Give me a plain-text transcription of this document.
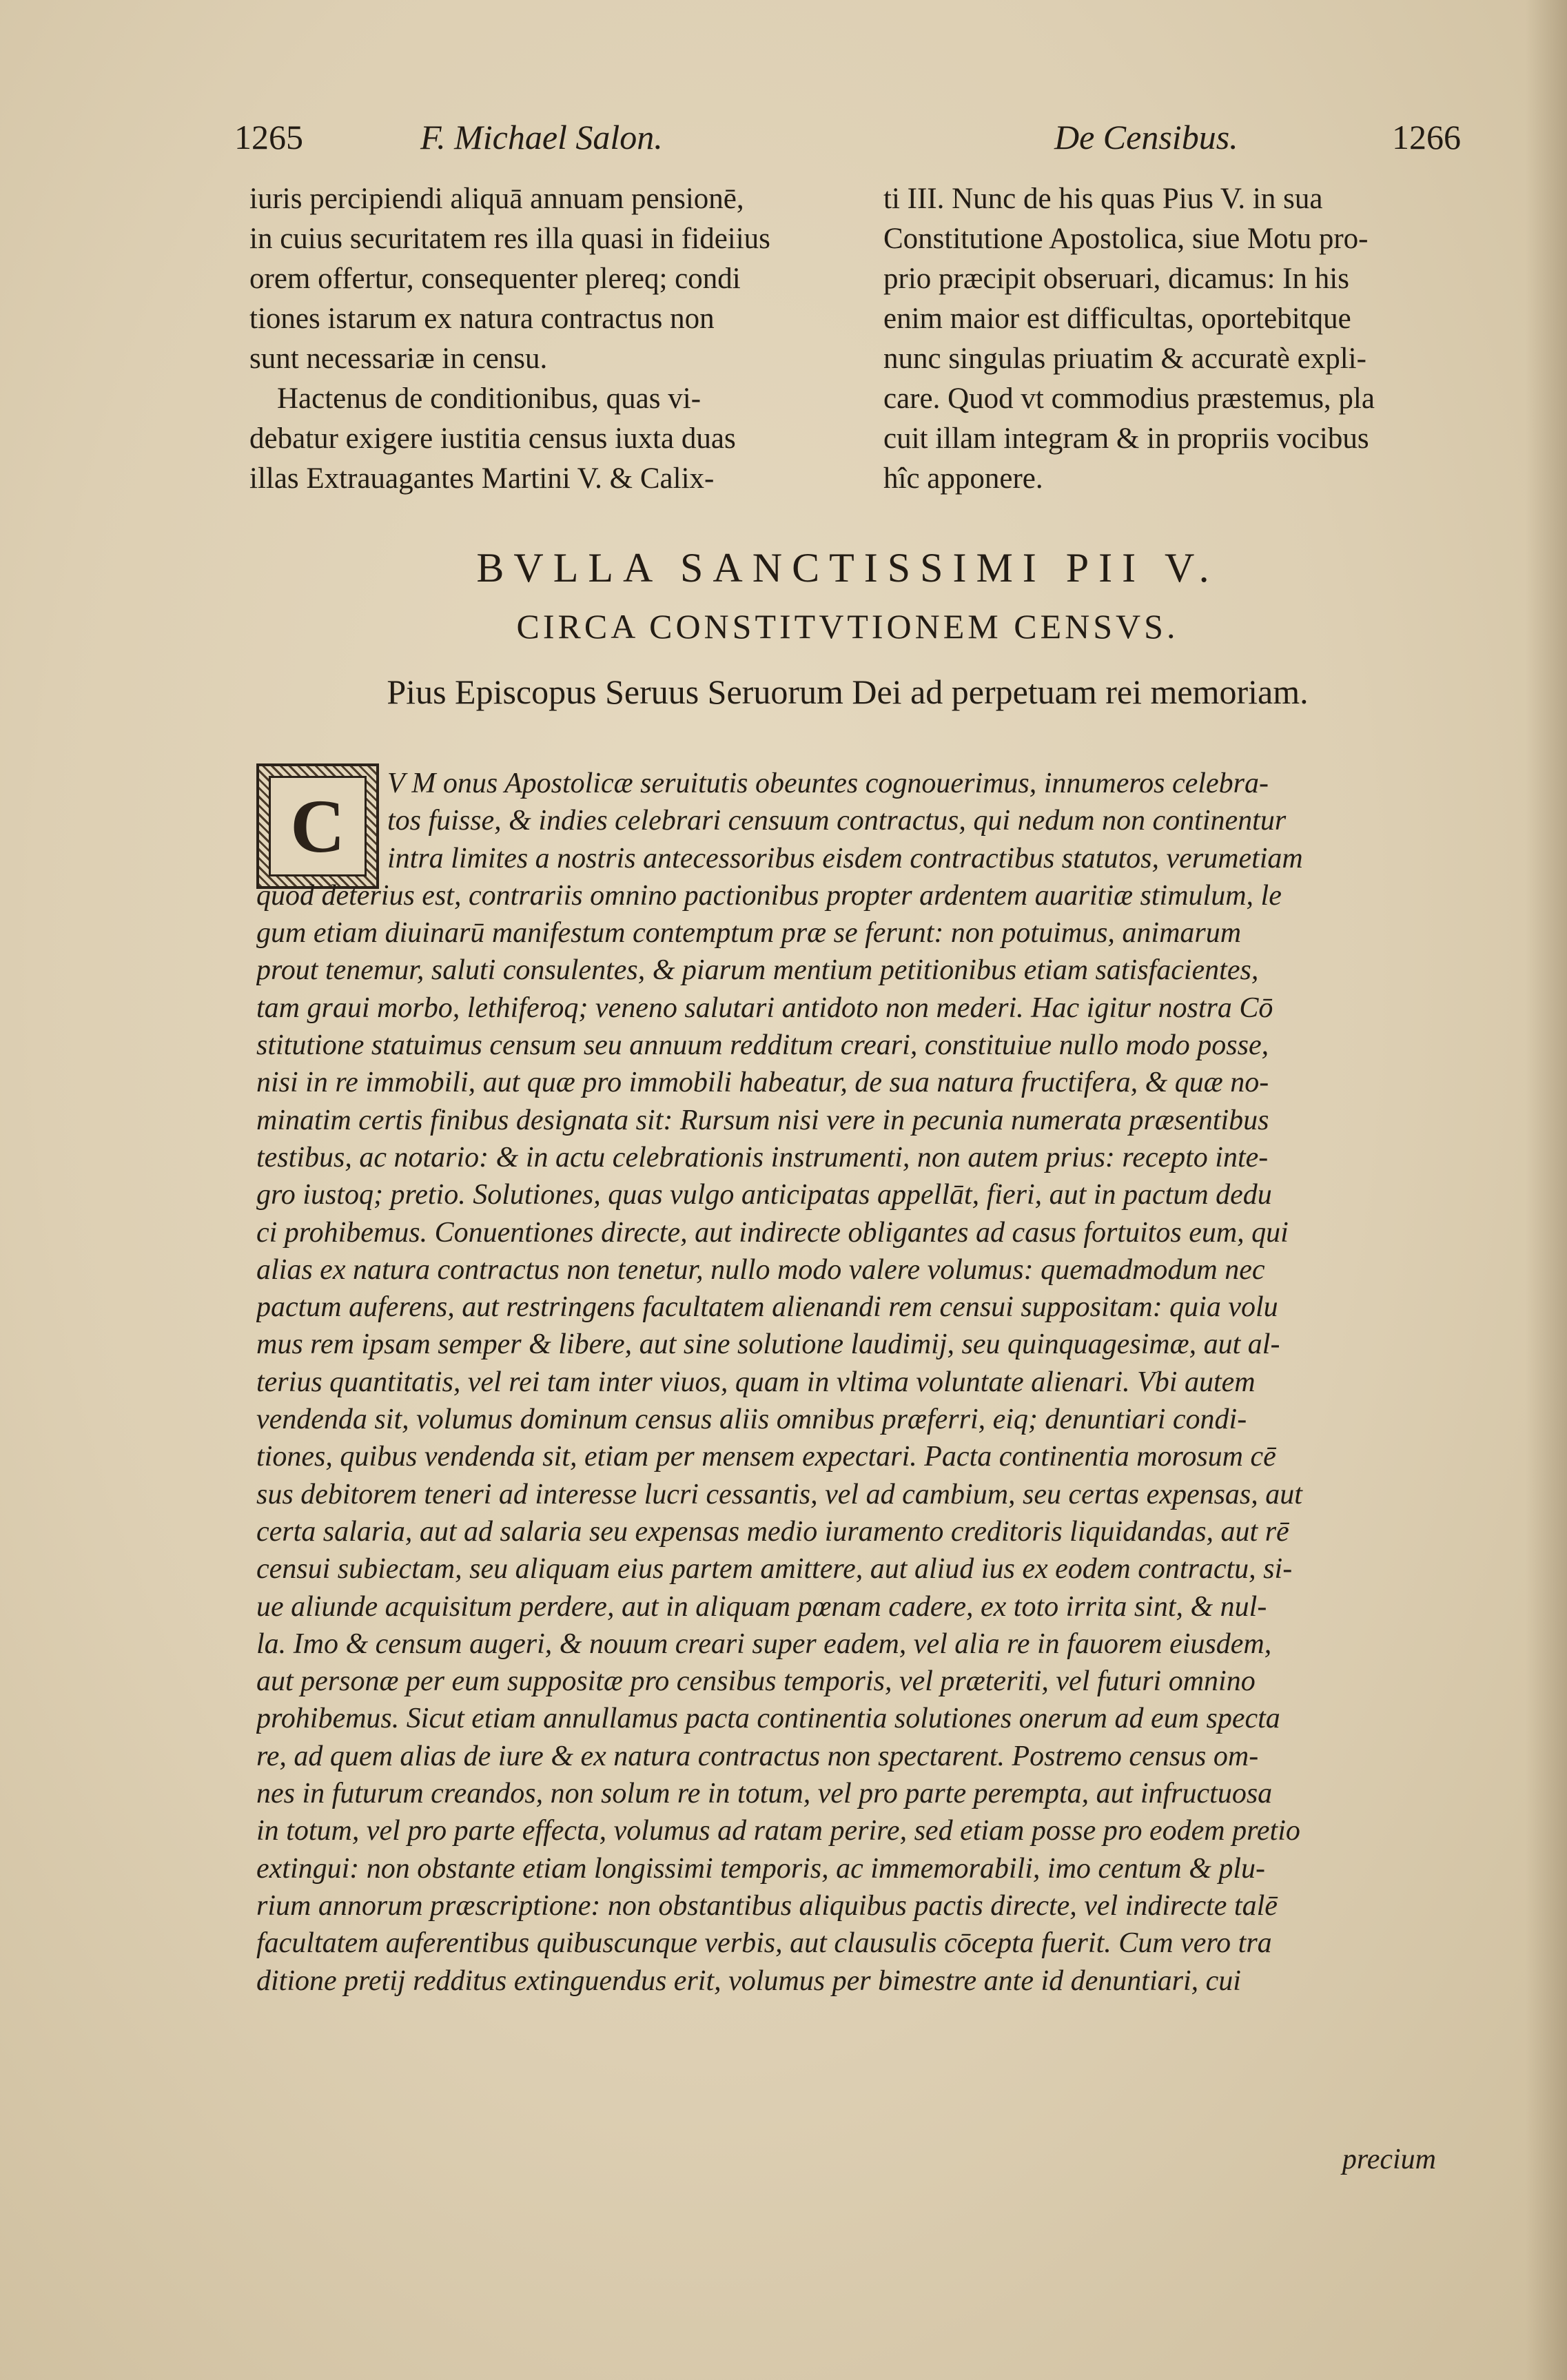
1265	F. Michael Salon.	De Censibus.	1266

iuris percipiendi aliquā annuam pensionē,
in cuius securitatem res illa quasi in fideiius
orem offertur, consequenter plereq; condi
tiones istarum ex natura contractus non
sunt necessariæ in censu.

Hactenus de conditionibus, quas vi-
debatur exigere iustitia census iuxta duas
illas Extrauagantes Martini V. & Calix-

ti III. Nunc de his quas Pius V. in sua
Constitutione Apostolica, siue Motu pro-
prio præcipit obseruari, dicamus: In his
enim maior est difficultas, oportebitque
nunc singulas priuatim & accuratè expli-
care. Quod vt commodius præstemus, pla
cuit illam integram & in propriis vocibus
hîc apponere.

BVLLA SANCTISSIMI PII V.
CIRCA CONSTITVTIONEM CENSVS.
Pius Episcopus Seruus Seruorum Dei ad perpetuam rei memoriam.
C
V M onus Apostolicæ seruitutis obeuntes cognouerimus, innumeros celebra-
tos fuisse, & indies celebrari censuum contractus, qui nedum non continentur
intra limites a nostris antecessoribus eisdem contractibus statutos, verumetiam
quod deterius est, contrariis omnino pactionibus propter ardentem auaritiæ stimulum, le
gum etiam diuinarū manifestum contemptum præ se ferunt: non potuimus, animarum
prout tenemur, saluti consulentes, & piarum mentium petitionibus etiam satisfacientes,
tam graui morbo, lethiferoq; veneno salutari antidoto non mederi. Hac igitur nostra Cō
stitutione statuimus censum seu annuum redditum creari, constituiue nullo modo posse,
nisi in re immobili, aut quæ pro immobili habeatur, de sua natura fructifera, & quæ no-
minatim certis finibus designata sit: Rursum nisi vere in pecunia numerata præsentibus
testibus, ac notario: & in actu celebrationis instrumenti, non autem prius: recepto inte-
gro iustoq; pretio. Solutiones, quas vulgo anticipatas appellāt, fieri, aut in pactum dedu
ci prohibemus. Conuentiones directe, aut indirecte obligantes ad casus fortuitos eum, qui
alias ex natura contractus non tenetur, nullo modo valere volumus: quemadmodum nec
pactum auferens, aut restringens facultatem alienandi rem censui suppositam: quia volu
mus rem ipsam semper & libere, aut sine solutione laudimij, seu quinquagesimæ, aut al-
terius quantitatis, vel rei tam inter viuos, quam in vltima voluntate alienari. Vbi autem
vendenda sit, volumus dominum census aliis omnibus præferri, eiq; denuntiari condi-
tiones, quibus vendenda sit, etiam per mensem expectari. Pacta continentia morosum cē
sus debitorem teneri ad interesse lucri cessantis, vel ad cambium, seu certas expensas, aut
certa salaria, aut ad salaria seu expensas medio iuramento creditoris liquidandas, aut rē
censui subiectam, seu aliquam eius partem amittere, aut aliud ius ex eodem contractu, si-
ue aliunde acquisitum perdere, aut in aliquam pœnam cadere, ex toto irrita sint, & nul-
la. Imo & censum augeri, & nouum creari super eadem, vel alia re in fauorem eiusdem,
aut personæ per eum suppositæ pro censibus temporis, vel præteriti, vel futuri omnino
prohibemus. Sicut etiam annullamus pacta continentia solutiones onerum ad eum specta
re, ad quem alias de iure & ex natura contractus non spectarent. Postremo census om-
nes in futurum creandos, non solum re in totum, vel pro parte perempta, aut infructuosa
in totum, vel pro parte effecta, volumus ad ratam perire, sed etiam posse pro eodem pretio
extingui: non obstante etiam longissimi temporis, ac immemorabili, imo centum & plu-
rium annorum præscriptione: non obstantibus aliquibus pactis directe, vel indirecte talē
facultatem auferentibus quibuscunque verbis, aut clausulis cōcepta fuerit. Cum vero tra
ditione pretij redditus extinguendus erit, volumus per bimestre ante id denuntiari, cui
precium
